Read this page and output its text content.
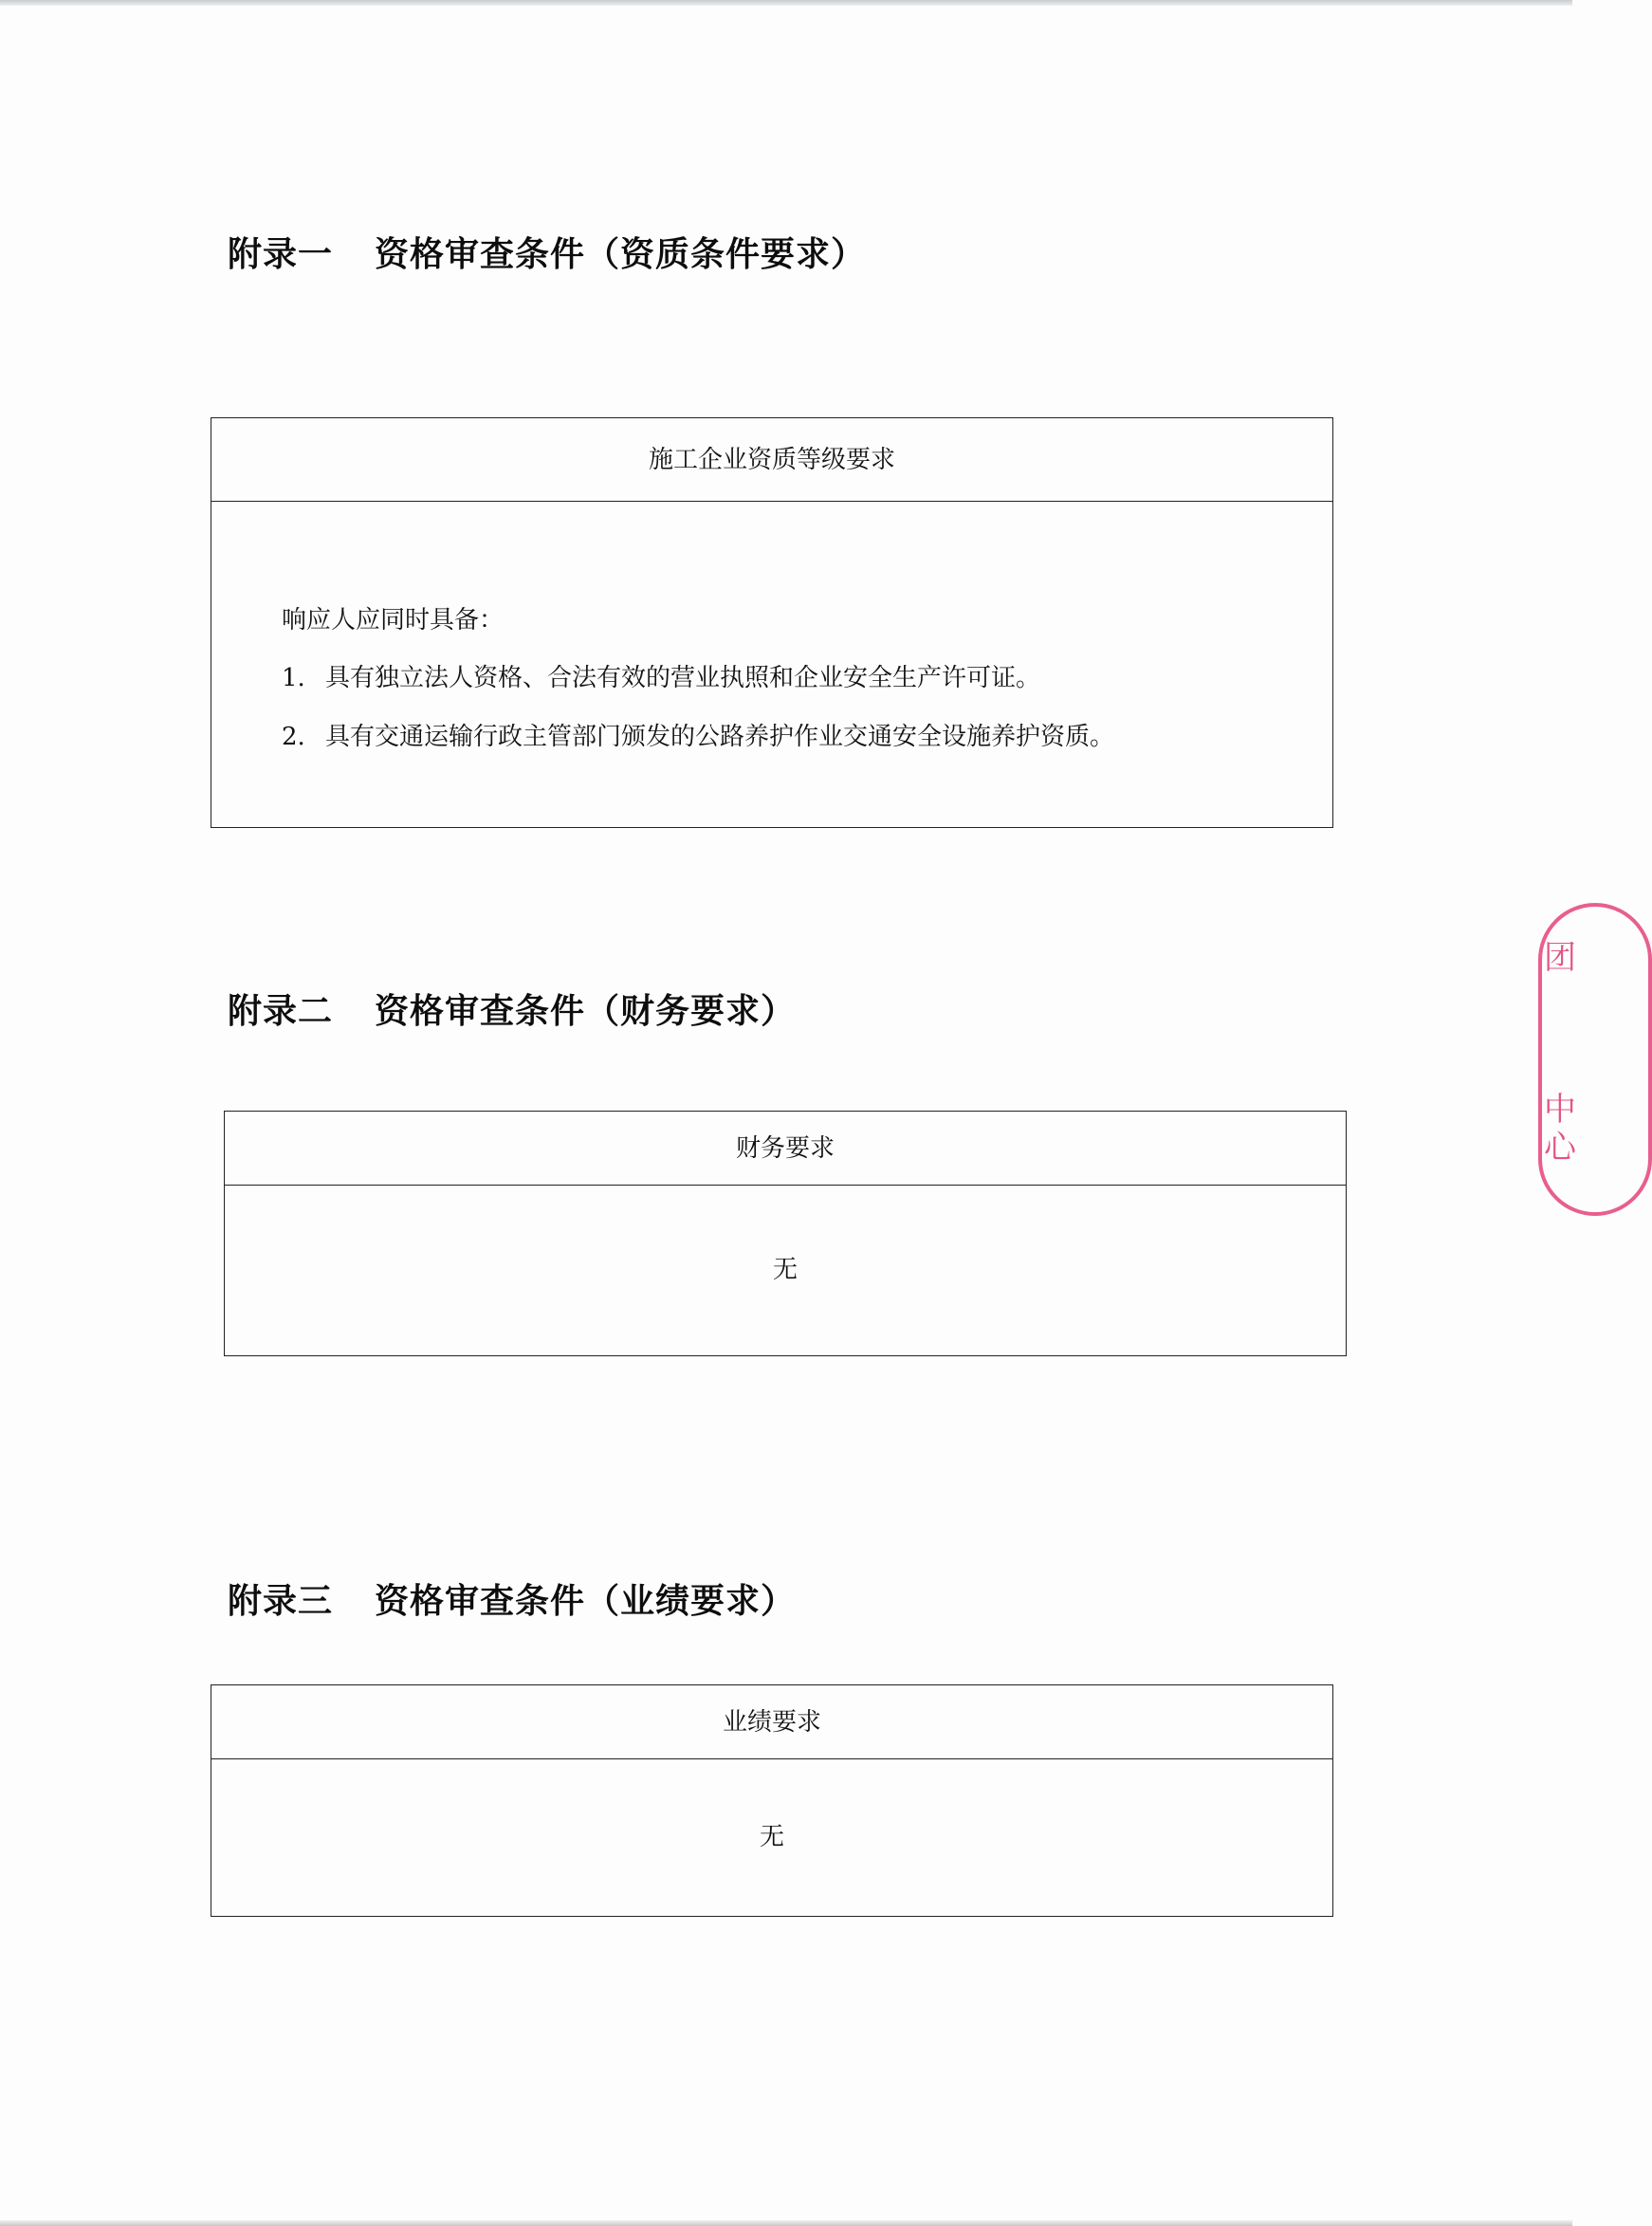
附录一 资格审查条件（资质条件要求）
施工企业资质等级要求
响应人应同时具备：
1. 具有独立法人资格、合法有效的营业执照和企业安全生产许可证。
2. 具有交通运输行政主管部门颁发的公路养护作业交通安全设施养护资质。
附录二 资格审查条件（财务要求）
财务要求
无
附录三 资格审查条件（业绩要求）
业绩要求
无
团
中心
